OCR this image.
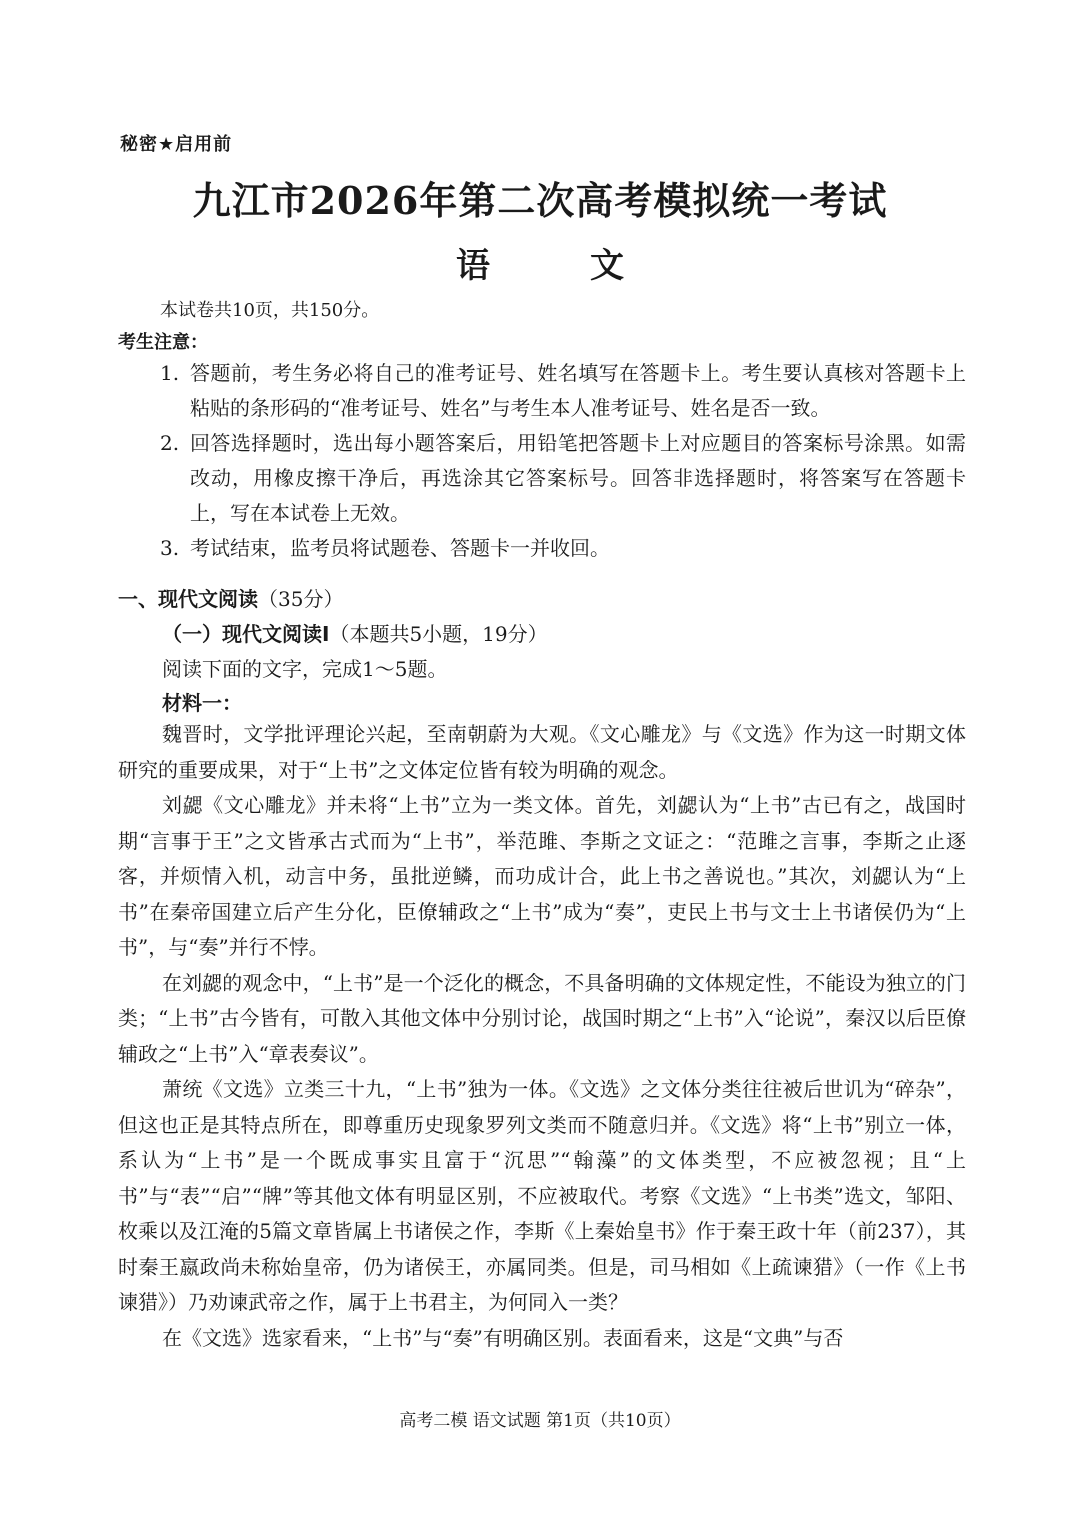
秘密★启用前
九江市2026年第二次高考模拟统一考试
语文
本试卷共10页，共150分。
考生注意：
1. 答题前，考生务必将自己的准考证号、姓名填写在答题卡上。考生要认真核对答题卡上粘贴的条形码的“准考证号、姓名”与考生本人准考证号、姓名是否一致。
2. 回答选择题时，选出每小题答案后，用铅笔把答题卡上对应题目的答案标号涂黑。如需改动，用橡皮擦干净后，再选涂其它答案标号。回答非选择题时，将答案写在答题卡上，写在本试卷上无效。
3. 考试结束，监考员将试题卷、答题卡一并收回。
一、现代文阅读（35分）
（一）现代文阅读Ⅰ（本题共5小题，19分）
阅读下面的文字，完成1～5题。
材料一：

魏晋时，文学批评理论兴起，至南朝蔚为大观。《文心雕龙》与《文选》作为这一时期文体研究的重要成果，对于“上书”之文体定位皆有较为明确的观念。

刘勰《文心雕龙》并未将“上书”立为一类文体。首先，刘勰认为“上书”古已有之，战国时期“言事于王”之文皆承古式而为“上书”，举范雎、李斯之文证之：“范雎之言事，李斯之止逐客，并烦情入机，动言中务，虽批逆鳞，而功成计合，此上书之善说也。”其次，刘勰认为“上书”在秦帝国建立后产生分化，臣僚辅政之“上书”成为“奏”，吏民上书与文士上书诸侯仍为“上书”，与“奏”并行不悖。

在刘勰的观念中，“上书”是一个泛化的概念，不具备明确的文体规定性，不能设为独立的门类；“上书”古今皆有，可散入其他文体中分别讨论，战国时期之“上书”入“论说”，秦汉以后臣僚辅政之“上书”入“章表奏议”。

萧统《文选》立类三十九，“上书”独为一体。《文选》之文体分类往往被后世讥为“碎杂”，但这也正是其特点所在，即尊重历史现象罗列文类而不随意归并。《文选》将“上书”别立一体，系认为“上书”是一个既成事实且富于“沉思”“翰藻”的文体类型，不应被忽视；且“上书”与“表”“启”“牌”等其他文体有明显区别，不应被取代。考察《文选》“上书类”选文，邹阳、枚乘以及江淹的5篇文章皆属上书诸侯之作，李斯《上秦始皇书》作于秦王政十年（前237），其时秦王嬴政尚未称始皇帝，仍为诸侯王，亦属同类。但是，司马相如《上疏谏猎》（一作《上书谏猎》）乃劝谏武帝之作，属于上书君主，为何同入一类？

在《文选》选家看来，“上书”与“奏”有明确区别。表面看来，这是“文典”与否

高考二模 语文试题 第1页（共10页）
